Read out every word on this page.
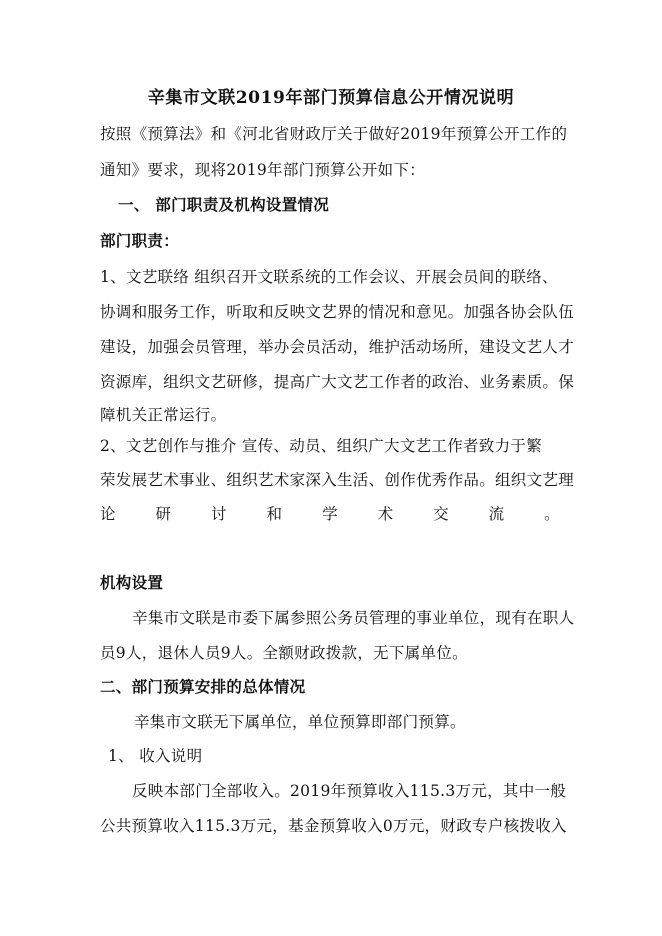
辛集市文联2019年部门预算信息公开情况说明
按照《预算法》和《河北省财政厅关于做好2019年预算公开工作的
通知》要求，现将2019年部门预算公开如下：
一、 部门职责及机构设置情况
部门职责：
1、文艺联络 组织召开文联系统的工作会议、开展会员间的联络、
协调和服务工作，听取和反映文艺界的情况和意见。加强各协会队伍
建设，加强会员管理，举办会员活动，维护活动场所，建设文艺人才
资源库，组织文艺研修，提高广大文艺工作者的政治、业务素质。保
障机关正常运行。
2、文艺创作与推介 宣传、动员、组织广大文艺工作者致力于繁
荣发展艺术事业、组织艺术家深入生活、创作优秀作品。组织文艺理
论	研	讨	和	学	术	交	流	。
机构设置
辛集市文联是市委下属参照公务员管理的事业单位，现有在职人
员9人，退休人员9人。全额财政拨款，无下属单位。
二、部门预算安排的总体情况
辛集市文联无下属单位，单位预算即部门预算。
1、 收入说明
反映本部门全部收入。2019年预算收入115.3万元，其中一般
公共预算收入115.3万元，基金预算收入0万元，财政专户核拨收入
